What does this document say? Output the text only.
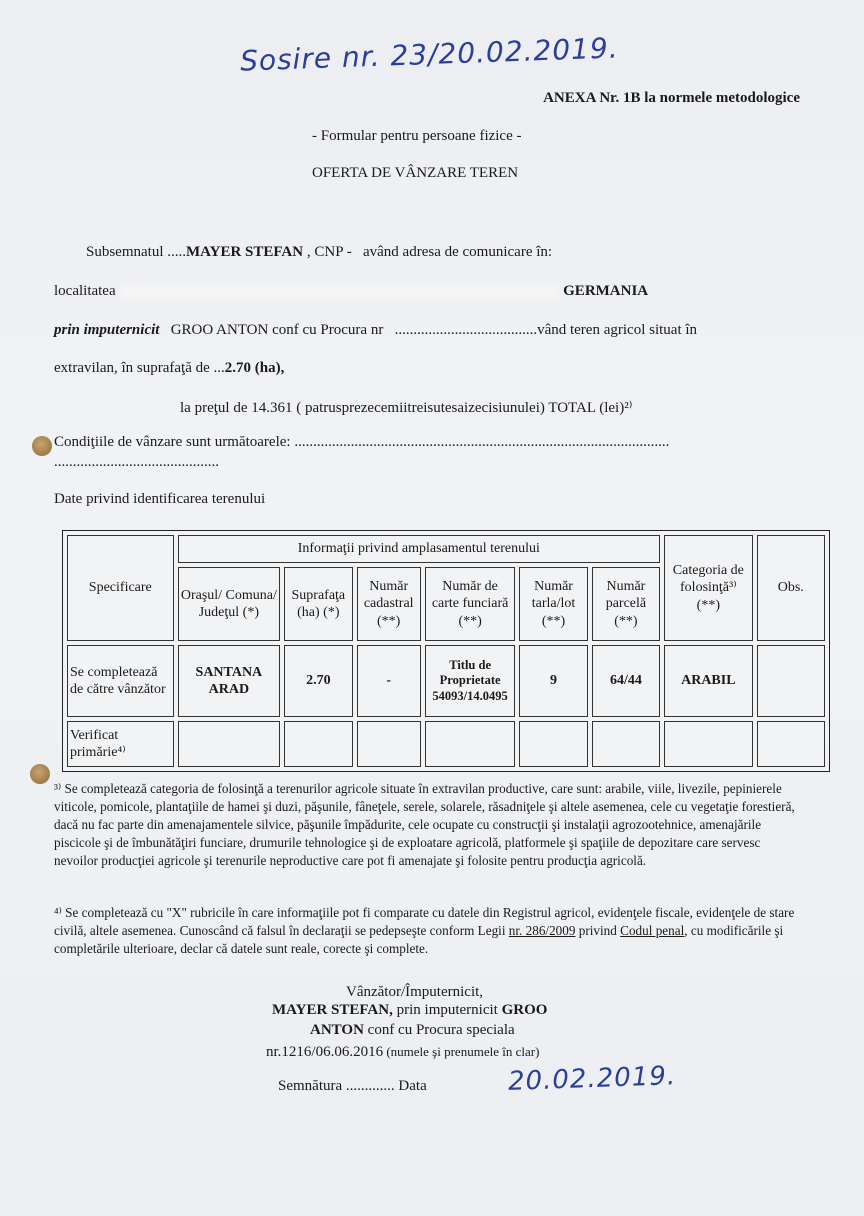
Sosire nr. 23/20.02.2019.
ANEXA Nr. 1B la normele metodologice
- Formular pentru persoane fizice -
OFERTA DE VÂNZARE TEREN
Subsemnatul .....MAYER STEFAN , CNP - având adresa de comunicare în:
localitatea	GERMANIA
prin imputernicit GROO ANTON conf cu Procura nr ......................................vând teren agricol situat în
extravilan, în suprafaţă de ...2.70 (ha),
la preţul de 14.361 ( patrusprezecemiitreisutesaizecisiunulei) TOTAL (lei)²⁾
Condiţiile de vânzare sunt următoarele: ....................................................................................................
............................................
Date privind identificarea terenului
Specificare	Informaţii privind amplasamentul terenului						Categoria de folosinţă³⁾ (**)	Obs.
	Oraşul/ Comuna/ Judeţul (*)	Suprafaţa (ha) (*)	Număr cadastral (**)	Număr de carte funciară (**)	Număr tarla/lot (**)	Număr parcelă (**)		
Se completează de către vânzător	SANTANA ARAD	2.70	-	Titlu de Proprietate 54093/14.0495	9	64/44	ARABIL	
Verificat primărie⁴⁾								
³⁾ Se completează categoria de folosinţă a terenurilor agricole situate în extravilan productive, care sunt: arabile, viile, livezile, pepinierele viticole, pomicole, plantaţiile de hamei şi duzi, păşunile, fâneţele, serele, solarele, răsadniţele şi altele asemenea, cele cu vegetaţie forestieră, dacă nu fac parte din amenajamentele silvice, păşunile împădurite, cele ocupate cu construcţii şi instalaţii agrozootehnice, amenajările piscicole şi de îmbunătăţiri funciare, drumurile tehnologice şi de exploatare agricolă, platformele şi spaţiile de depozitare care servesc nevoilor producţiei agricole şi terenurile neproductive care pot fi amenajate şi folosite pentru producţia agricolă.
⁴⁾ Se completează cu "X" rubricile în care informaţiile pot fi comparate cu datele din Registrul agricol, evidenţele fiscale, evidenţele de stare civilă, altele asemenea. Cunoscând că falsul în declaraţii se pedepseşte conform Legii nr. 286/2009 privind Codul penal, cu modificările şi completările ulterioare, declar că datele sunt reale, corecte şi complete.
Vânzător/Împuternicit,
MAYER STEFAN, prin imputernicit GROO
ANTON conf cu Procura speciala
nr.1216/06.06.2016 (numele şi prenumele în clar)
Semnătura ............. Data	20.02.2019.
